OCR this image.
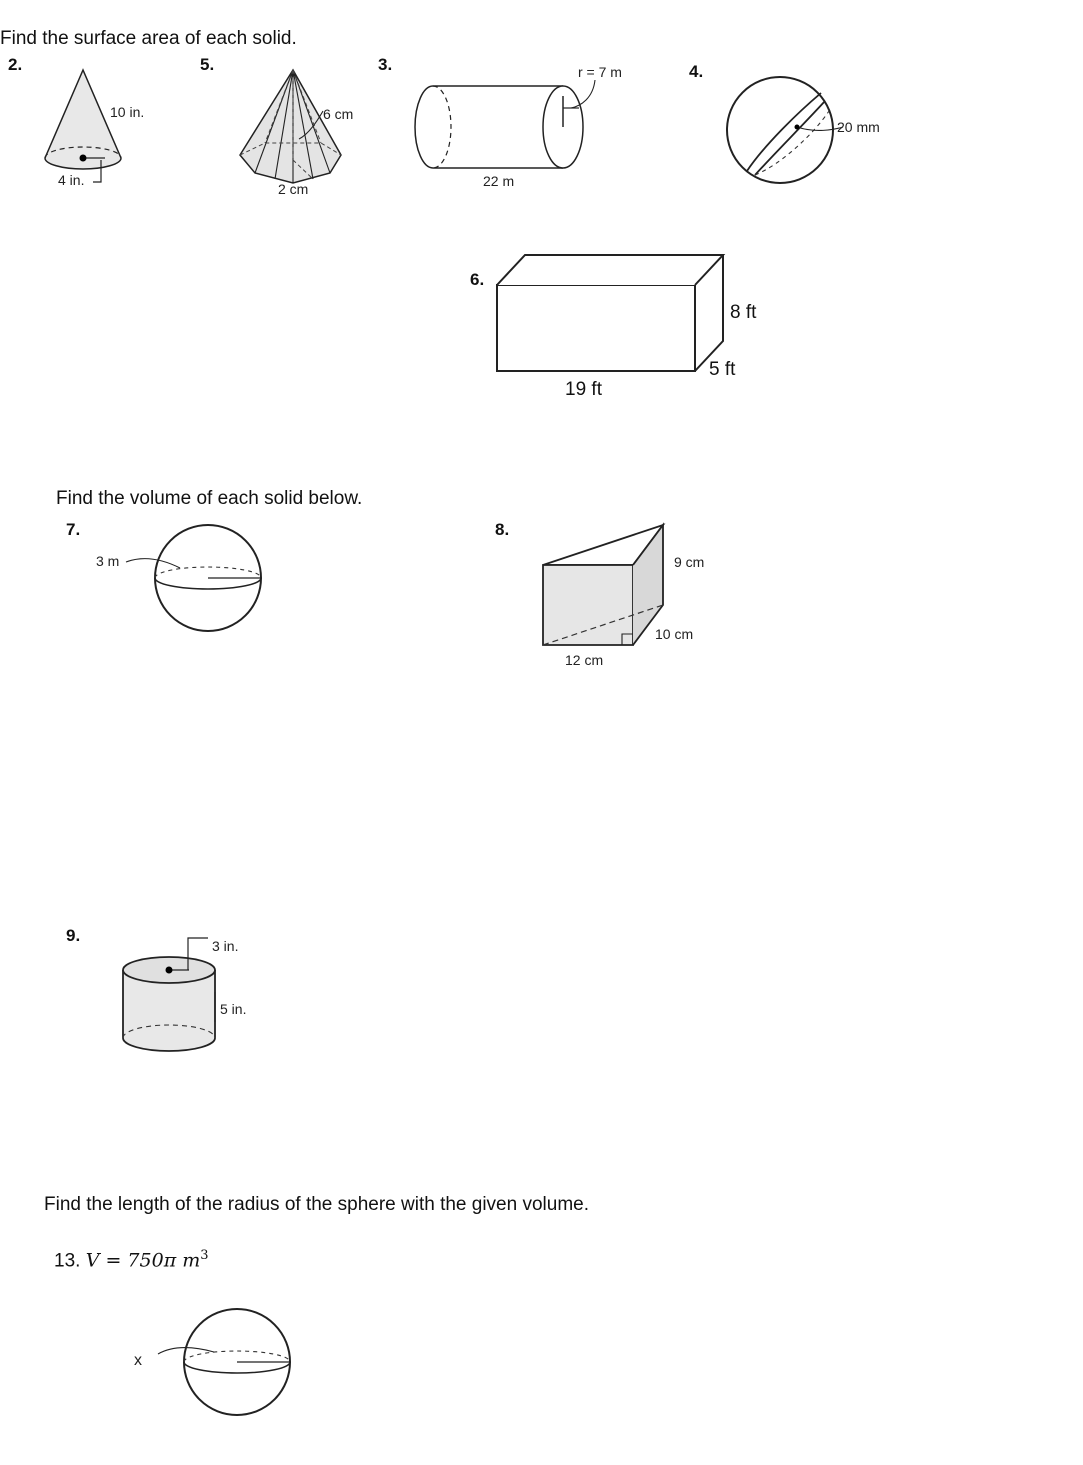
Find the surface area of each solid.
2.
10 in.
4 in.
5.
6 cm
2 cm
3.	r = 7 m
22 m
4.
20 mm
6.
8 ft
5 ft
19 ft
Find the volume of each solid below.
7.
3 m
8.
9 cm
10 cm
12 cm
9.
3 in.
5 in.
Find the length of the radius of the sphere with the given volume.
13. V = 750π $m^3$
x
